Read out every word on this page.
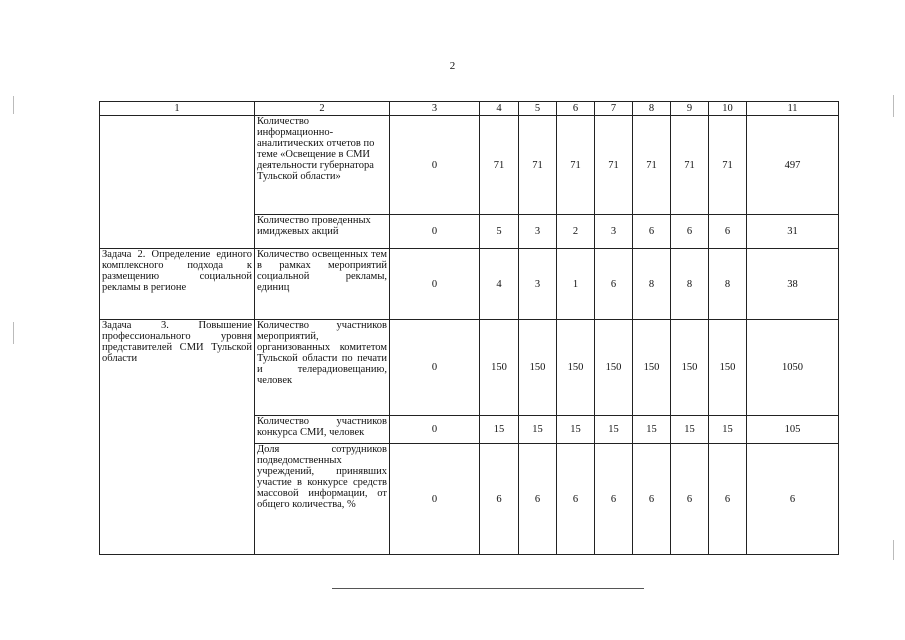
2
1	2	3	4	5	6	7	8	9	10	11
	Количество информационно-аналитических отчетов по теме «Освещение в СМИ деятельности губернатора Тульской области»	0	71	71	71	71	71	71	71	497
	Количество проведенных имиджевых акций	0	5	3	2	3	6	6	6	31
Задача 2. Определение единого комплексного подхода к размещению социальной рекламы в регионе	Количество освещенных тем в рамках мероприятий социальной рекламы, единиц	0	4	3	1	6	8	8	8	38
Задача 3. Повышение профессионального уровня представителей СМИ Тульской области	Количество участников мероприятий, организованных комитетом Тульской области по печати и телерадиовещанию, человек	0	150	150	150	150	150	150	150	1050
	Количество участников конкурса СМИ, человек	0	15	15	15	15	15	15	15	105
	Доля сотрудников подведомственных учреждений, принявших участие в конкурсе средств массовой информации, от общего количества, %	0	6	6	6	6	6	6	6	6
